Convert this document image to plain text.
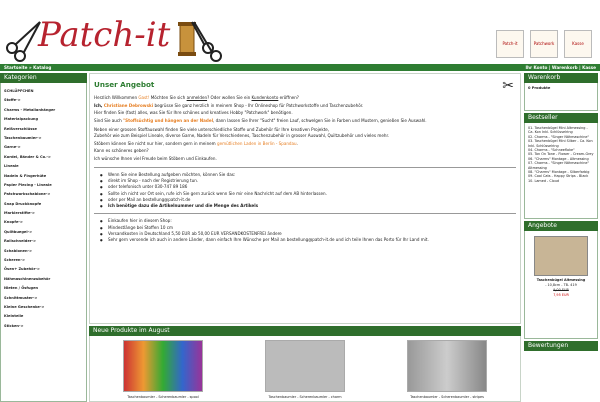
Patch-it	Patch-it	Patchwork	Kasse
Startseite » Katalog	Ihr Konto | Warenkorb | Kasse
Kategorien
SCHLÜPFCHEN
Stoffe->
Charms - Metallanhänger
Materialpackung
Reißverschlüsse
Taschenbaumler->
Garne->
Kordel, Bänder & Co.->
Lineale
Nadeln & Fingerhüte
Papier Piecing - Lineale
Patchworkschablone->
Snap Druckknopfe
Markierstifte->
Knopfe->
Quiltbuegel->
Rollschneider->
Schablonen->
Scheren->
Ösen+ Zubehör->
Nähmaschinenzubehör
Nieten / Ösfugen
Schnittmuster->
Kleine Geschenke->
Kleinteile
Sticken->
✂
Unser Angebot
Herzlich Willkommen Gast! Möchten Sie sich anmelden? Oder wollen Sie ein Kundenkonto eröffnen?
Ich, Christiane Debrowski begrüsse Sie ganz herzlich in meinem Shop - Ihr Onlineshop für Patchworkstoffe und Taschenzubehör.
Hier finden Sie (fast) alles, was Sie für Ihre schönes und kreatives Hobby "Patchwork" benötigen.
Sind Sie auch "Stoffsüchtig und hängen an der Nadel, dann lassen Sie Ihrer "Sucht" freien Lauf, schwelgen Sie in Farben und Mustern, genießen Sie Auswahl.
Neben einer grossen Stoffauswahl finden Sie viele unterschiedliche Stoffe und Zubehör für Ihre kreativen Projekte,
Zubehör wie zum Beispiel Lineale, diverse Garne, Nadeln für Verschiedenes, Taschenzubehör in grosser Auswahl, Quiltzubehör und vieles mehr.
Stöbern können Sie nicht nur hier, sondern gern in meinem gemütlichen Laden in Berlin - Spandau.
Kann es schöneres geben?
Ich wünsche Ihnen viel Freude beim Stöbern und Einkaufen.
● Wenn Sie eine Bestellung aufgeben möchten, können Sie das:
● direkt im Shop - nach der Registrierung tun.
● oder telefonisch unter 030-747 89 186
● Sollte ich nicht vor Ort sein, rufe ich Sie gern zurück wenn Sie mir eine Nachricht auf dem AB hinterlassen.
● oder per Mail an bestellung@patch-it.de
● Ich benötige dazu die Artikelnummer und die Menge des Artikels
● Einkaufen hier in diesem Shop:
● Mindestlänge bei Stoffen 10 cm
● Versandkosten in Deutschland 5,50 EUR ab 50,00 EUR VERSANDKOSTENFREI ändere
● Sehr gern versende ich auch in andere Länder, dann einfach Ihre Wünsche per Mail an bestellung@patch-it.de und ich teile Ihnen das Porto für Ihr Land mit.
Neue Produkte im August
Taschenbaumler - Scherenbaumler - spool	Taschenbaumler - Scherenbaumler - charm	Taschenbaumler - Scherenbaumler - stripes
Warenkorb
0 Produkte
Bestseller
01. Taschenbügel Mini Altmessing - Ca. Kon Inkl. Schlüsselring
02. Charms - "Singer Nähmaschine"
03. Taschenbügel Mini Silber - Ca. Kon Inkl. Schlüsselring
04. Charms - "Schneefloke"
05. Ton On Tone - Flower - Cream-Grey
06. "Charms" Montage - Altmessing
07. Charms - "Singer Nähmaschine" Altmessing
08. "Charms" Montage - Silberfarbig
09. Cool Cats - Happy Strips - Black
10. Lamed - Cloud
Angebote
Taschenbügel Altmessing
- 10,8cm - TB- 419
9,00 EUR
7,95 EUR
Bewertungen
